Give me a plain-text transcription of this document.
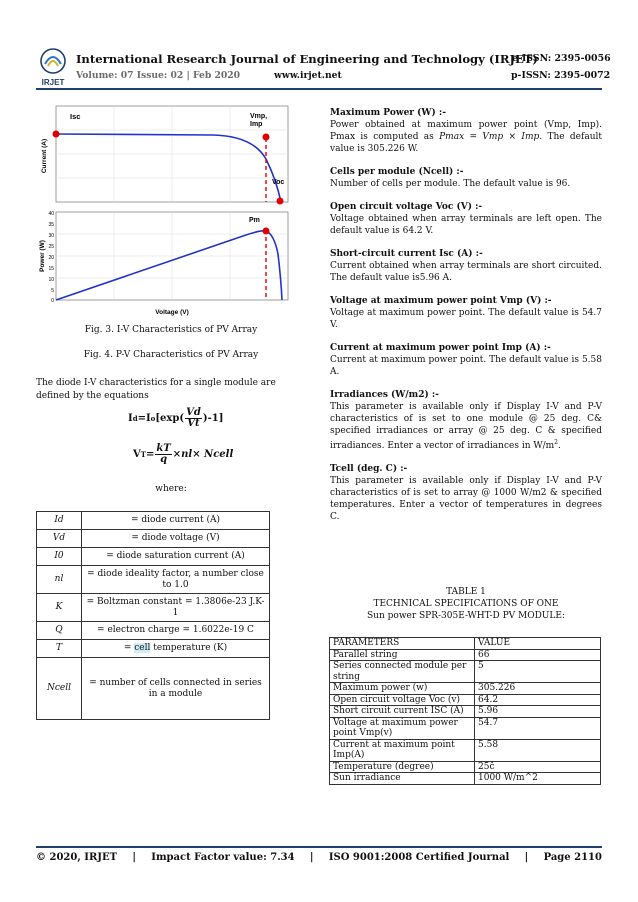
IRJET
International Research Journal of Engineering and Technology (IRJET)
e-ISSN: 2395-0056
Volume: 07 Issue: 02 | Feb 2020	www.irjet.net	p-ISSN: 2395-0072
Isc	Vmp,
Imp
Voc
Current (A)
Pm
40
35
30
25
20
15
10
5
0
Power (W)
Voltage (V)
Fig. 3. I-V Characteristics of PV Array
Fig. 4. P-V Characteristics of PV Array
The diode I-V characteristics for a single module are defined by the equations
I d =I o [exp(
Vd
Vt )-1]
V $T = \frac{kT}{q} \times nl\times$ Ncell
where:
Id	= diode current (A)
Vd	= diode voltage (V)
I0	= diode saturation current (A)
nl	= diode ideality factor, a number close to 1.0
K	= Boltzman constant = 1.3806e-23 J.K-1
Q	= electron charge = 1.6022e-19 C
T	= cell temperature (K)
Ncell	= number of cells connected in series in a module
Maximum Power (W) :-

Power obtained at maximum power point (Vmp, Imp). Pmax is computed as Pmax = Vmp × Imp. The default value is 305.226 W.

Cells per module (Ncell) :-

Number of cells per module. The default value is 96.

Open circuit voltage Voc (V) :-

Voltage obtained when array terminals are left open. The default value is 64.2 V.

Short-circuit current Isc (A) :-

Current obtained when array terminals are short circuited. The default value is5.96 A.

Voltage at maximum power point Vmp (V) :-

Voltage at maximum power point. The default value is 54.7 V.

Current at maximum power point Imp (A) :-

Current at maximum power point. The default value is 5.58 A.

Irradiances (W/m2) :-

This parameter is available only if Display I-V and P-V characteristics of is set to one module @ 25 deg. C& specified irradiances or array @ 25 deg. C & specified irradiances. Enter a vector of irradiances in $W/m^2$.

Tcell (deg. C) :-

This parameter is available only if Display I-V and P-V characteristics of is set to array @ 1000 W/m2 & specified temperatures. Enter a vector of temperatures in degrees C.

TABLE 1
TECHNICAL SPECIFICATIONS OF ONE
Sun power SPR-305E-WHT-D PV MODULE:
PARAMETERS	VALUE
Parallel string	66
Series connected module per string	5
Maximum power (w)	305.226
Open circuit voltage Voc (v)	64.2
Short circuit current ISC (A)	5.96
Voltage at maximum power point Vmp(v)	54.7
Current at maximum point Imp(A)	5.58
Temperature (degree)	25č
Sun irradiance	1000 W/m^2
© 2020, IRJET | Impact Factor value: 7.34 | ISO 9001:2008 Certified Journal | Page 2110
